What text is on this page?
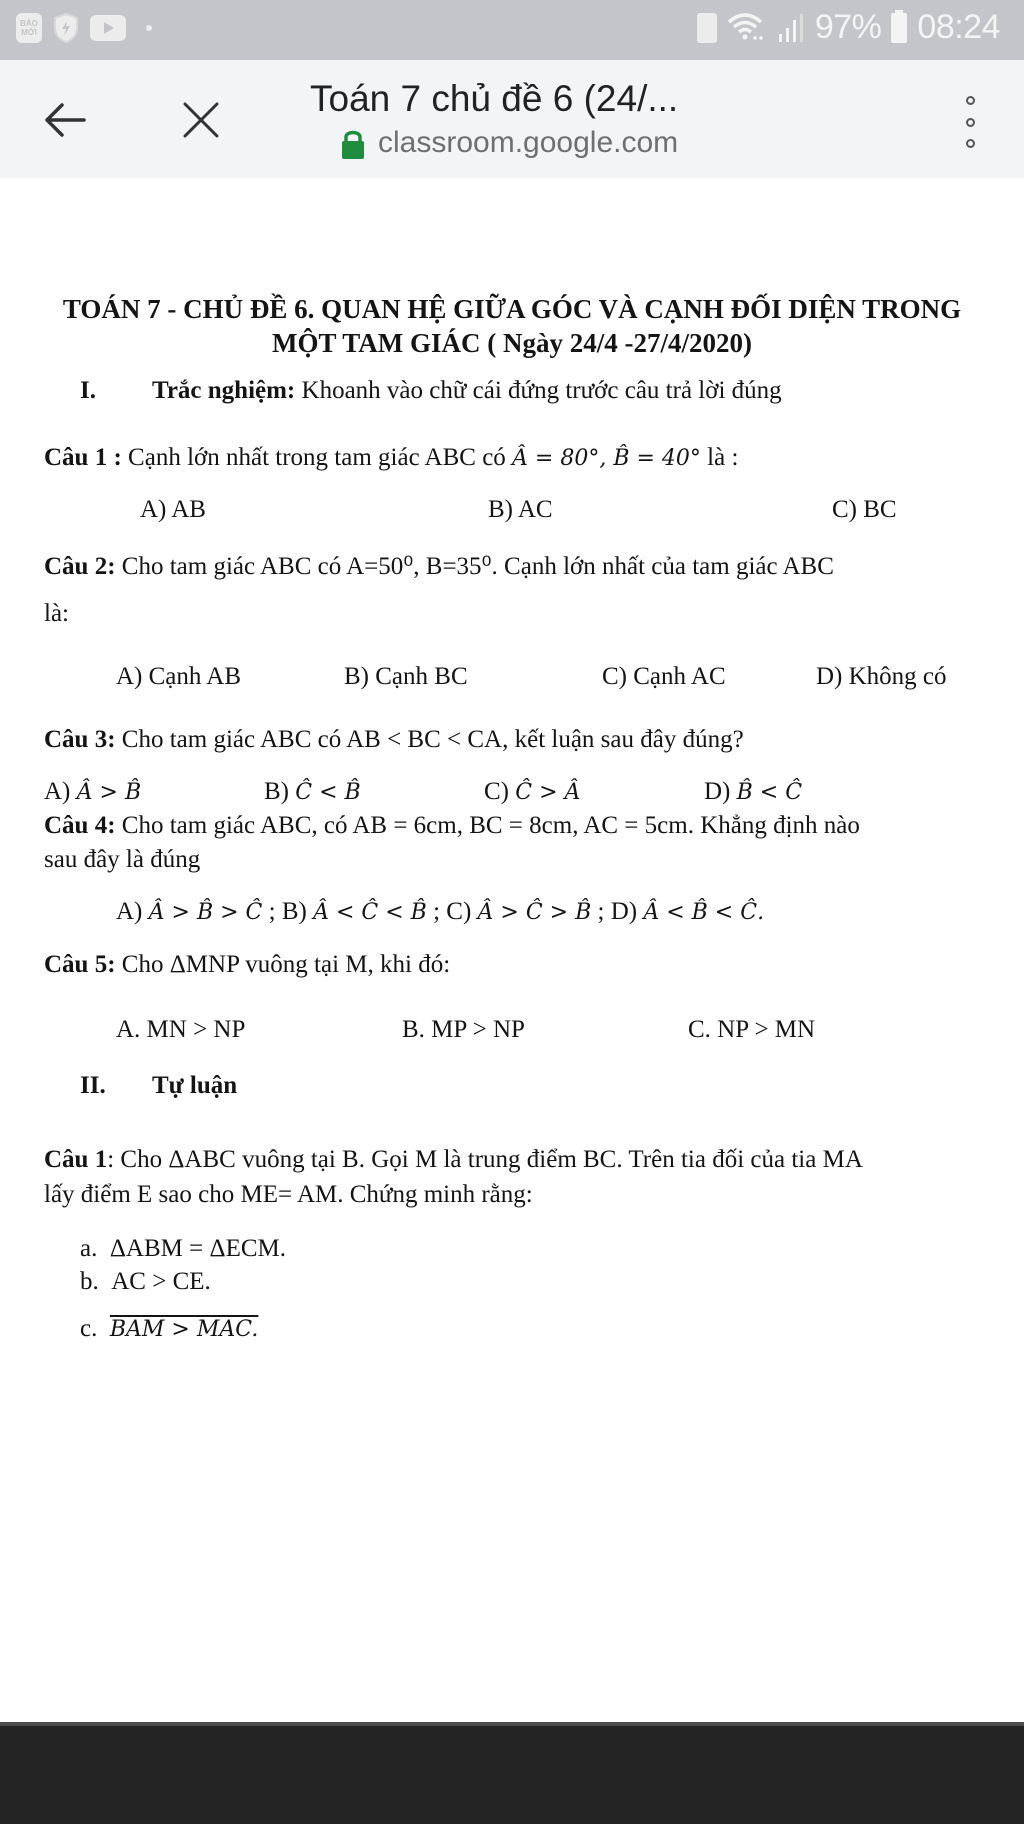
BÁO
MỚI	97% 08:24
Toán 7 chủ đề 6 (24/...
classroom.google.com
TOÁN 7 - CHỦ ĐỀ 6. QUAN HỆ GIỮA GÓC VÀ CẠNH ĐỐI DIỆN TRONG
MỘT TAM GIÁC ( Ngày 24/4 -27/4/2020)
I. Trắc nghiệm: Khoanh vào chữ cái đứng trước câu trả lời đúng
Câu 1 : Cạnh lớn nhất trong tam giác ABC có Â = 80°, B̂ = 40° là :
A) AB	B) AC	C) BC
Câu 2: Cho tam giác ABC có A=50⁰, B=35⁰. Cạnh lớn nhất của tam giác ABC
là:
A) Cạnh AB	B) Cạnh BC	C) Cạnh AC	D) Không có
Câu 3: Cho tam giác ABC có AB < BC < CA, kết luận sau đây đúng?
A) Â > B̂	B) Ĉ < B̂	C) Ĉ > Â	D) B̂ < Ĉ
Câu 4: Cho tam giác ABC, có AB = 6cm, BC = 8cm, AC = 5cm. Khẳng định nào
sau đây là đúng
A) Â > B̂ > Ĉ ; B) Â < Ĉ < B̂ ; C) Â > Ĉ > B̂ ; D) Â < B̂ < Ĉ.
Câu 5: Cho ΔMNP vuông tại M, khi đó:
A. MN > NP	B. MP > NP	C. NP > MN
II. Tự luận
Câu 1: Cho ΔABC vuông tại B. Gọi M là trung điểm BC. Trên tia đối của tia MA
lấy điểm E sao cho ME= AM. Chứng minh rằng:
a. ΔABM = ΔECM.
b. AC > CE.
c. BAM > MAC.
